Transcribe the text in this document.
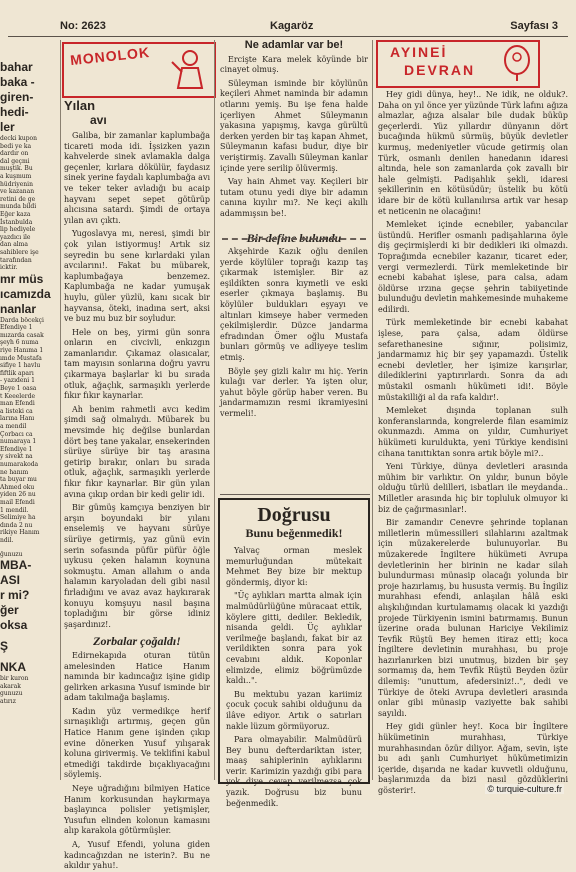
No: 2623	Kagaröz	Sayfası 3
bahar
baka -
giren-
hedi-
ler
decki kupon
bedi ye ka
dardır on
dal geçmi
muştik. Bu
a kuşmum
hüdriyenin
ve kazanan
retini de ge
munda bildi
Eğer kaza
İstanbulda
lip hediyele
yazdıcı ile
dan alma
sahiblere işe
tarafından
icktir.
mr müs
ıcamızda
nanlar
Darda böcekçi
Efendiye 1
mızarda casak
şeyh 6 numa
riye Hanıma 1
ımde Mustafa
sifiye 1 havlu
fiftlik aparı
- yazıdeni 1
Beye 1 oasa
t Keeelerde
man Efendi
a listeki ca
larına Hanı
a mendil
Çorbacı ca
numaraya 1
Efendiye 1
y sivekt na
numarakoda
ne hanım
ta buyar mu
Ahmed oku
yiden 26 nu
mail Efendi
1 mendil.
Selimiye ha
dında 2 nu
rikiye Hanım
ndil.
ğunuzu
MBA-
ASI
r mi?
ğer
oksa
Ş
NKA
bir kuron
akarak
gunuzu
atırız
MONOLOK
Yılan
avı

Galiba, bir zamanlar kaplumbağa ticareti moda idi. İşsizken yazın kahvelerde sinek avlamakla dalga geçenler, kırlara dökülür, faydasız sinek yerine faydalı kaplumbağa avı ve teker teker avladığı bu acaip hayvanı sepet sepet götürüp alıcısına satardı. Şimdi de ortaya yılan avı çıktı.

Yugoslavya mı, neresi, şimdi bir çok yılan istiyormuş! Artık siz seyredin bu sene kırlardaki yılan avcılarını!. Fakat bu mübarek, kaplumbağaya benzemez. Kaplumbağa ne kadar yumuşak huylu, güler yüzlü, kanı sıcak bir hayvansa, öteki, inadına sert, aksi ve buz mu buz bir soyludur.

Hele on beş, yirmi gün sonra onların en civcivli, enkızgın zamanlarıdır. Çıkamaz olasıcalar, tam mayısın sonlarına doğru yavru çıkarmaya başlarlar ki bu sırada otluk, ağaçlık, sarmaşıklı yerlerde fıkır fıkır kaynarlar.

Ah benim rahmetli avcı kedim şimdi sağ olmalıydı. Mübarek bu mevsimde hiç değilse bunlardan dört beş tane yakalar, ensekerinden sürüye sürüye bir taş arasına getirip bırakır, onları bu sırada otluk, ağaçlık, sarmaşıklı yerlerde fıkır fıkır kaynarlar. Bir gün yılan avına çıkıp ordan bir kedi gelir idi.

Bir gümüş kamçıya benziyen bir arşın boyundaki bir yılanı enselemiş ve hayvanı sürüye sürüye getirmiş, yaz günü evin serin sofasında püfür püfür öğle uykusu çeken halamın koynuna sokmuştu. Aman allahım o anda halamın karyoladan deli gibi nasıl fırladığını ve avaz avaz haykırarak konuyu komşuyu nasıl başına topladığını bir görse idiniz şaşardınız!.

Zorbalar çoğaldı!

Edirnekapıda oturan tütün amelesinden Hatice Hanım namında bir kadıncağız işine gidip gelirken arkasına Yusuf isminde bir adam takılmağa başlamış.

Kadın yüz vermedikçe herif sırnaşıklığı artırmış, geçen gün Hatice Hanım gene işinden çıkıp evine dönerken Yusuf yılışarak koluna girivermiş. Ve teklifini kabul etmediği takdirde bıçaklıyacağını söylemiş.

Neye uğradığını bilmiyen Hatice Hanım korkusundan haykırmaya başlayınca polisler yetişmişler, Yusufun elinden kolonun kamasını alıp karakola götürmüşler.

A, Yusuf Efendi, yoluna giden kadıncağızdan ne isterin?. Bu ne akıldır yahu!.

Ne adamlar var be!

Ercişte Kara melek köyünde bir cinayet olmuş.

Süleyman isminde bir köylünün keçileri Ahmet naminda bir adamın otlarını yemiş. Bu işe fena halde içerliyen Ahmet Süleymanın yakasına yapışmış, kavga gürültü derken yerden bir taş kapan Ahmet, Süleymanın kafası budur, diye bir veriştirmiş. Zavallı Süleyman kanlar içinde yere serilip ölüvermiş.

Vay hain Ahmet vay. Keçileri bir tutam otunu yedi diye bir adamın canına kıyılır mı?. Ne keçi akıllı adammışsın be!.

Bir define bulundu

Akşehirde Kazık oğlu denilen yerde köylüler toprağı kazıp taş çıkarmak istemişler. Bir az eşildikten sonra kıymetli ve eski eserler çıkmaya başlamış. Bu köylüler buldukları eşyayı ve altınları kimseye haber vermeden çekilmişlerdir. Düzce jandarma efradından Ömer oğlu Mustafa bunları görmüş ve adliyeye teslim etmiş.

Böyle şey gizli kalır mı hiç. Yerin kulağı var derler. Ya işten olur, yahut böyle görüp haber veren. Bu jandarmamızın resmi ikramiyesini vermeli!.

Doğrusu
Bunu beğenmedik!

Yalvaç orman meslek memurluğundan mütekait Mehmet Bey bize bir mektup göndermiş, diyor ki:

"Üç aylıkları martta almak için malmüdürlüğüne müracaat ettik, köylere gitti, dediler. Bekledik, nisanda geldi. Üç aylıklar verilmeğe başlandı, fakat bir az verildikten sonra para yok cevabını aldık. Koponlar elimizde, elimiz böğrümüzde kaldı..".

Bu mektubu yazan kariimiz çocuk çocuk sahibi olduğunu da ilâve ediyor. Artık o satırları nakle lüzum görmüyoruz.

Para olmayabilir. Malmüdürü Bey bunu defterdariktan ister, maaş sahiplerinin aylıklarını verir. Karimizin yazdığı gibi para yok diye cevap verilmezsa çok yazık. Doğrusu biz bunu beğenmedik.

AYINEİ
DEVRAN

Hey gidi dünya, hey!.. Ne idik, ne olduk?. Daha on yıl önce yer yüzünde Türk lafını ağıza almazlar, ağıza alsalar bile dudak büküp geçerlerdi. Yüz yıllardır dünyanın dört bucağında hükmü sürmüş, büyük devletler kurmuş, medeniyetler vücude getirmiş olan Türk, osmanlı denilen hanedanın idaresi altında, hele son zamanlarda çok zavallı bir hale gelmişti. Padişahlık şekli, idaresi şekillerinin en kötüsüdür; üstelik bu kötü idare bir de kötü kullanılırsa artık var hesap et neticenin ne olacağını!

Memleket içinde ecnebiler, yabancılar üstündü. Herifler osmanlı padişahlarına öyle diş geçirmişlerdi ki bir dedikleri iki olmazdı. Toprağımda ecnebiler kazanır, ticaret eder, vergi vermezlerdi. Türk memleketinde bir ecnebi kabahat işlese, para calsa, adam öldürse ırzına geçse şehrin tabiiyetinde bulunduğu devletin mahkemesinde muhakeme edilirdi.

Türk memleketinde bir ecnebi kabahat işlese, para çalsa, adam öldürse sefarethanesine sığınır, polisimiz, jandarmamız hiç bir şey yapamazdı. Üstelik ecnebi devletler, her işimize karışırlar, dilediklerini yaptırırlardı. Sonra da adı müstakil osmanlı hükümeti idi!. Böyle müstakilliği al da rafa kaldır!.

Memleket dışında toplanan sulh konferanslarında, kongrelerde filan esamimiz okunmazdı. Amma on yıldır, Cumhuriyet hükümeti kuruldukta, yeni Türkiye kendisini cihana tanıttıktan sonra artık böyle mi?..

Yeni Türkiye, dünya devletleri arasında mühim bir varlıktır. On yıldır, bunun böyle olduğu türlü delilleri, isbatları ile meydanda.. Milletler arasında hiç bir topluluk olmuyor ki biz de çağırmasınlar!.

Bir zamandır Cenevre şehrinde toplanan milletlerin mümessilleri silahlarını azaltmak için müzakerelerde bulunuyorlar. Bu müzakerede İngiltere hükümeti Avrupa devletlerinin her birinin ne kadar silah bulundurması münasip olacağı yolunda bir proje hazırlamış, bu hususta vermiş. Bu İngiliz murahhası efendi, anlaşılan hâlâ eski alışkılığından kurtulamamış olacak ki yazdığı projede Türkiyenin ismini batırmamış. Bunun üzerine orada bulunan Hariciye Vekilimiz Tevfik Rüştü Bey hemen itiraz etti; koca İngiltere devletinin murahhası, bu proje hazırlanırken bizi unutmuş, bizden bir şey sormamış da, hem Tevfik Rüştü Beyden özür dilemiş: "unuttum, afedersiniz!..", dedi ve Türkiye de öteki Avrupa devletleri arasında onlar gibi münasip vaziyette bak sahibi sayıldı.

Hey gidi günler hey!. Koca bir İngiltere hükümetinin murahhası, Türkiye murahhasından özür diliyor. Ağam, sevin, işte bu adı şanlı Cumhuriyet hükümetimizin içeride, dışarıda ne kadar kuvvetli olduğunu, başlarımızda da bizi nasıl gözdüklerini gösterir!.	© turquie-culture.fr
